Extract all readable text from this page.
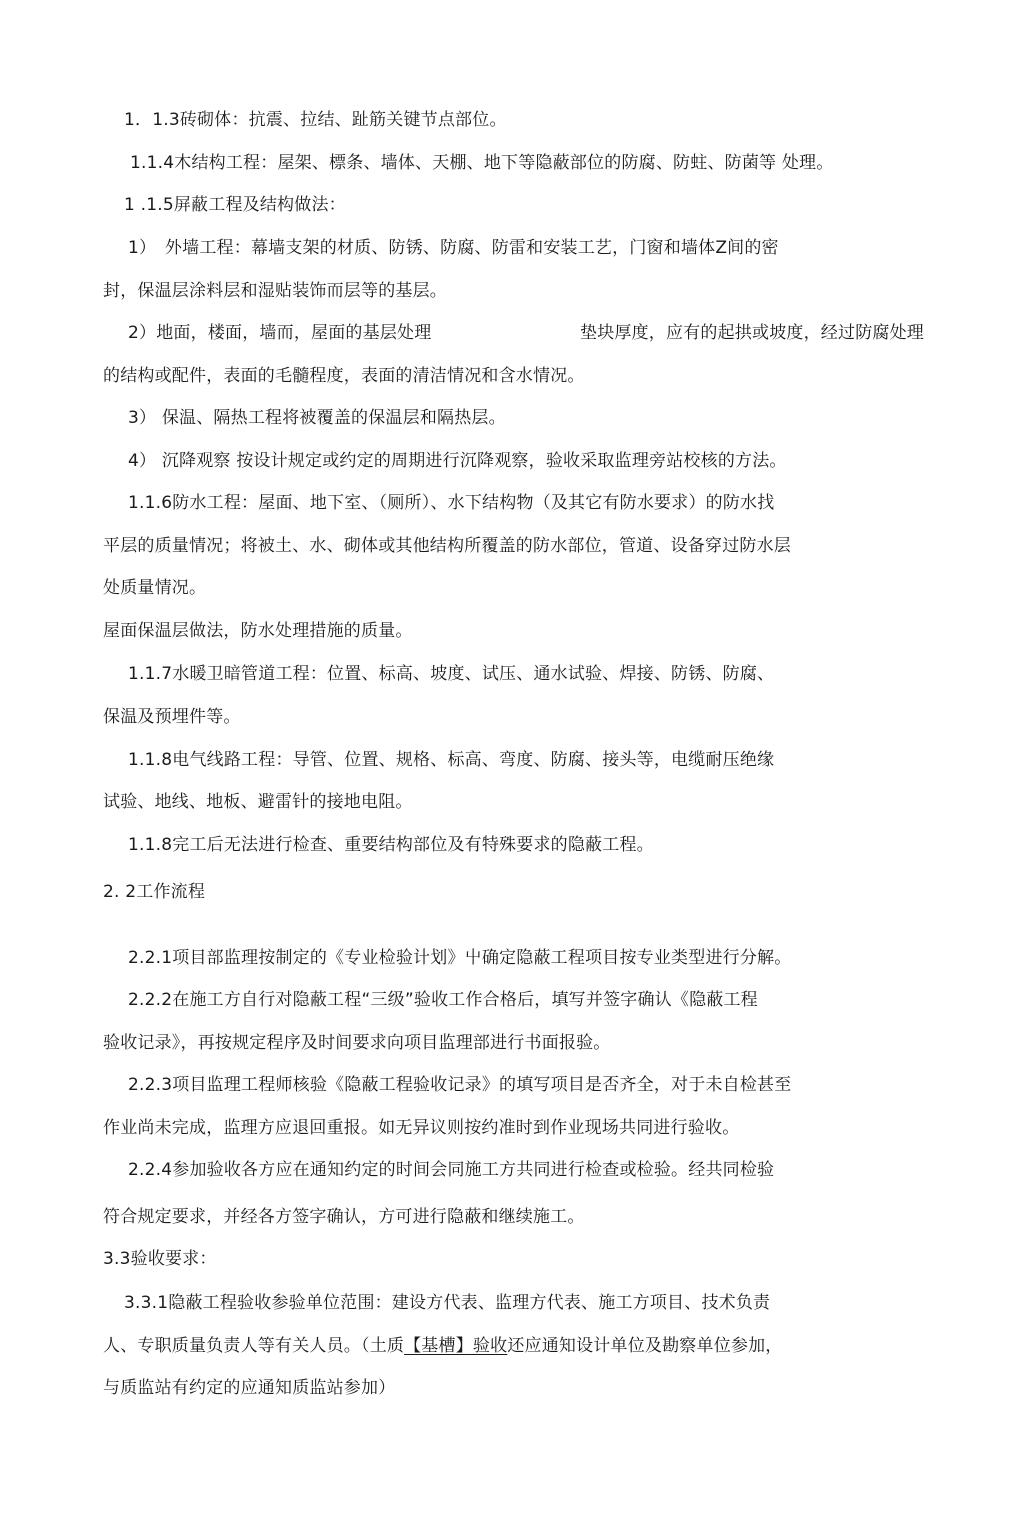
1．1.3砖砌体：抗震、拉结、趾筋关键节点部位。
1.1.4木结构工程：屋架、標条、墙体、天棚、地下等隐蔽部位的防腐、防蛀、防菌等 处理。
1 .1.5屏蔽工程及结构做法：
1）　外墙工程：幕墙支架的材质、防锈、防腐、防雷和安装工艺，门窗和墙体Z间的密
封，保温层涂料层和湿贴装饰而层等的基层。
2）地面，楼面，墙而，屋面的基层处理	垫块厚度，应有的起拱或坡度，经过防腐处理
的结构或配件，表面的毛髓程度，表面的清洁情况和含水情况。
3） 保温、隔热工程将被覆盖的保温层和隔热层。
4） 沉降观察 按设计规定或约定的周期进行沉降观察，验收采取监理旁站校核的方法。
1.1.6防水工程：屋面、地下室、（厕所）、水下结构物（及其它有防水要求）的防水找
平层的质量情况；将被土、水、砌体或其他结构所覆盖的防水部位，管道、设备穿过防水层
处质量情况。
屋面保温层做法，防水处理措施的质量。
1.1.7水暖卫暗管道工程：位置、标高、坡度、试压、通水试验、焊接、防锈、防腐、
保温及预埋件等。
1.1.8电气线路工程：导管、位置、规格、标高、弯度、防腐、接头等，电缆耐压绝缘
试验、地线、地板、避雷针的接地电阻。
1.1.8完工后无法进行检查、重要结构部位及有特殊要求的隐蔽工程。
2. 2工作流程
2.2.1项目部监理按制定的《专业检验计划》屮确定隐蔽工程项目按专业类型进行分解。
2.2.2在施工方自行对隐蔽工程“三级”验收工作合格后，填写并签字确认《隐蔽工程
验收记录》，再按规定程序及时间要求向项目监理部进行书面报验。
2.2.3项目监理工程师核验《隐蔽工程验收记录》的填写项目是否齐全，对于未自检甚至
作业尚未完成，监理方应退回重报。如无异议则按约准时到作业现场共同进行验收。
2.2.4参加验收各方应在通知约定的时间会同施工方共同进行检查或检验。经共同检验
符合规定要求，并经各方签字确认，方可进行隐蔽和继续施工。
3.3验收要求：
3.3.1隐蔽工程验收参验单位范围：建设方代表、监理方代表、施工方项目、技术负责
人、专职质量负责人等有关人员。（土质【基槽】验收还应通知设计单位及勘察单位参加，
与质监站有约定的应通知质监站参加）
